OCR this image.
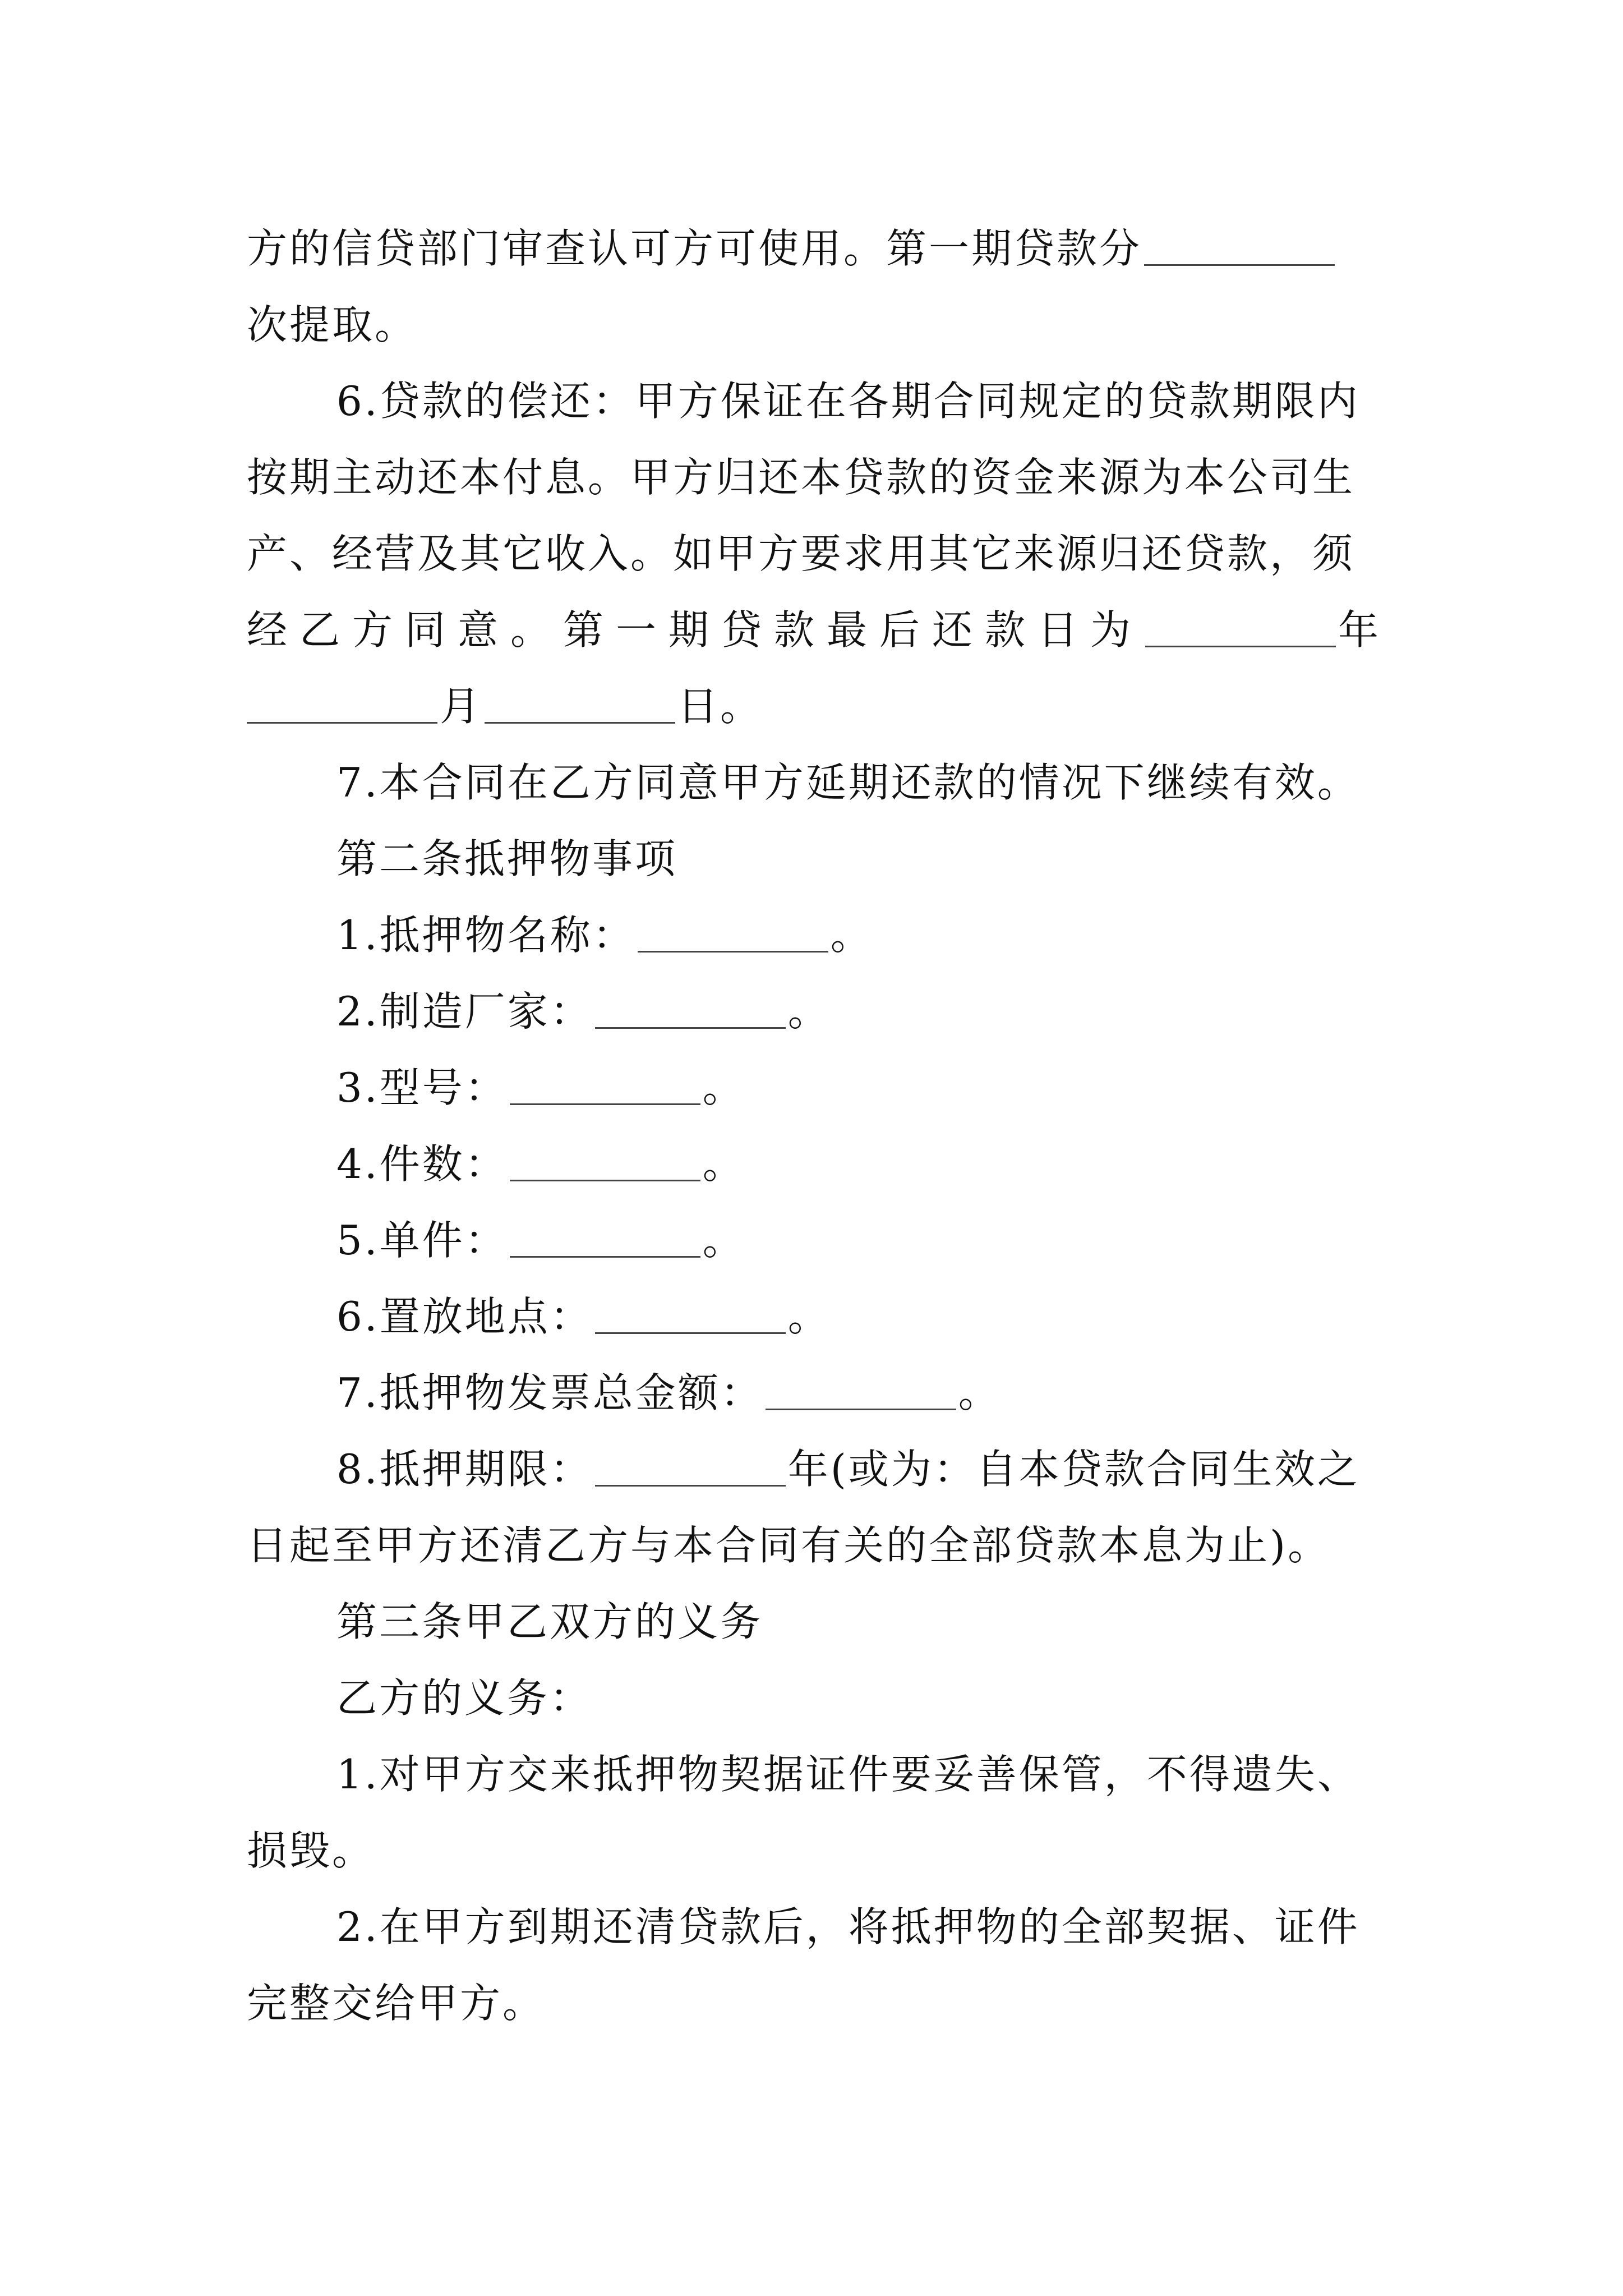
方的信贷部门审查认可方可使用。第一期贷款分

次提取。

6.贷款的偿还：甲方保证在各期合同规定的贷款期限内

按期主动还本付息。甲方归还本贷款的资金来源为本公司生

产、经营及其它收入。如甲方要求用其它来源归还贷款，须

经乙方同意。第一期贷款最后还款日为	年

月	日。

7.本合同在乙方同意甲方延期还款的情况下继续有效。

第二条抵押物事项

1.抵押物名称：	。

2.制造厂家：	。

3.型号：	。

4.件数：	。

5.单件：	。

6.置放地点：	。

7.抵押物发票总金额：	。

8.抵押期限：	年(或为：自本贷款合同生效之

日起至甲方还清乙方与本合同有关的全部贷款本息为止)。

第三条甲乙双方的义务

乙方的义务：

1.对甲方交来抵押物契据证件要妥善保管，不得遗失、

损毁。

2.在甲方到期还清贷款后，将抵押物的全部契据、证件

完整交给甲方。
